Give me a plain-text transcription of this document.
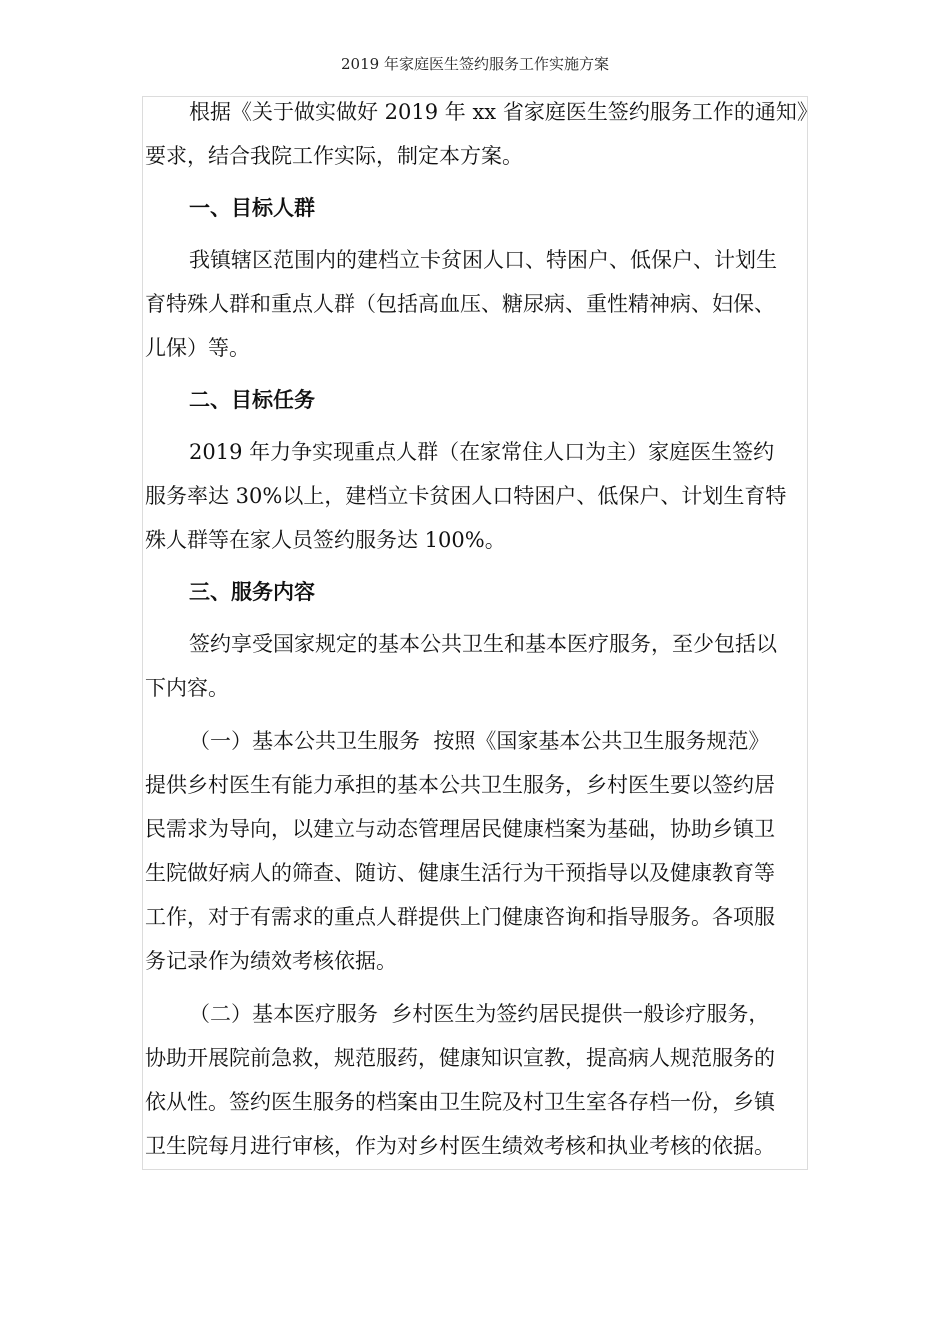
2019 年家庭医生签约服务工作实施方案

根据《关于做实做好 2019 年 xx 省家庭医生签约服务工作的通知》

要求，结合我院工作实际，制定本方案。

一、目标人群

我镇辖区范围内的建档立卡贫困人口、特困户、低保户、计划生

育特殊人群和重点人群（包括高血压、糖尿病、重性精神病、妇保、

儿保）等。

二、目标任务

2019 年力争实现重点人群（在家常住人口为主）家庭医生签约

服务率达 30%以上，建档立卡贫困人口特困户、低保户、计划生育特

殊人群等在家人员签约服务达 100%。

三、服务内容

签约享受国家规定的基本公共卫生和基本医疗服务，至少包括以

下内容。

（一）基本公共卫生服务  按照《国家基本公共卫生服务规范》

提供乡村医生有能力承担的基本公共卫生服务，乡村医生要以签约居

民需求为导向，以建立与动态管理居民健康档案为基础，协助乡镇卫

生院做好病人的筛查、随访、健康生活行为干预指导以及健康教育等

工作，对于有需求的重点人群提供上门健康咨询和指导服务。各项服

务记录作为绩效考核依据。

（二）基本医疗服务  乡村医生为签约居民提供一般诊疗服务，

协助开展院前急救，规范服药，健康知识宣教，提高病人规范服务的

依从性。签约医生服务的档案由卫生院及村卫生室各存档一份，乡镇

卫生院每月进行审核，作为对乡村医生绩效考核和执业考核的依据。
